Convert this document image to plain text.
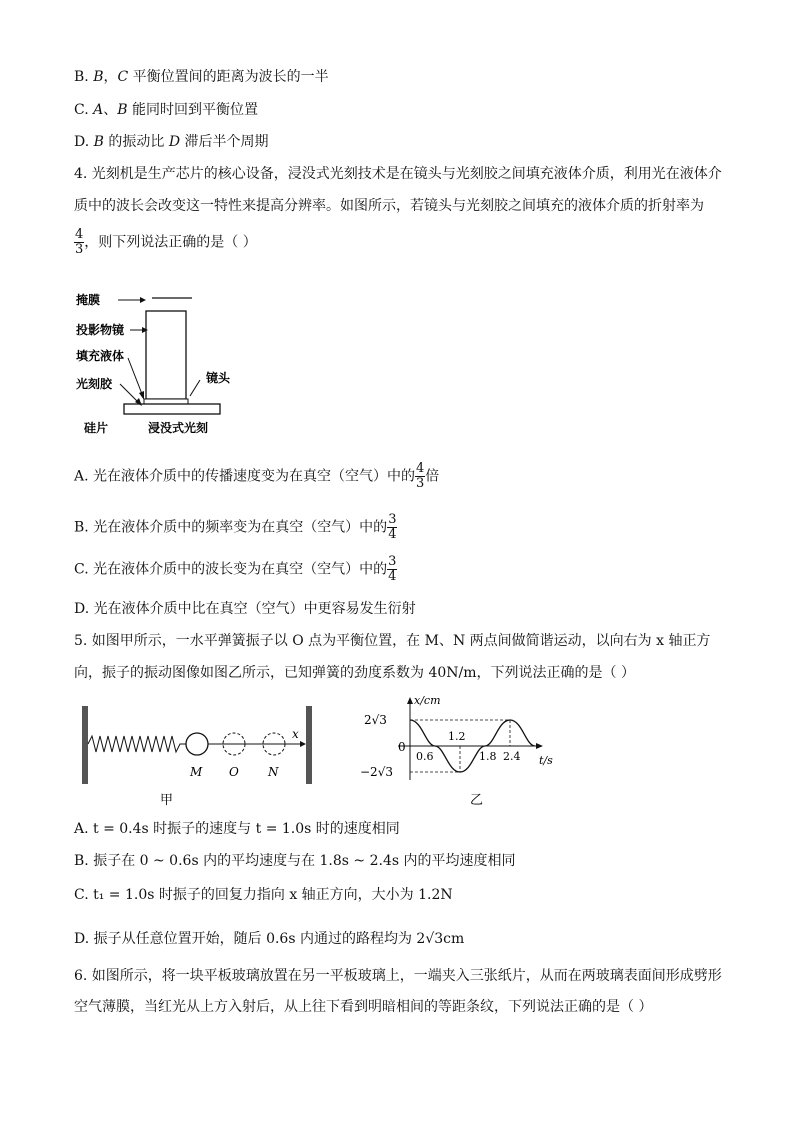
B. B，C 平衡位置间的距离为波长的一半
C. A、B 能同时回到平衡位置
D. B 的振动比 D 滞后半个周期
4. 光刻机是生产芯片的核心设备，浸没式光刻技术是在镜头与光刻胶之间填充液体介质，利用光在液体介
质中的波长会改变这一特性来提高分辨率。如图所示，若镜头与光刻胶之间填充的液体介质的折射率为
$\frac{4}{3}$ ，则下列说法正确的是（ ）
掩膜
投影物镜
填充液体
光刻胶
硅片
镜头
浸没式光刻
A. 光在液体介质中的传播速度变为在真空（空气）中的 $\frac{4}{3}$ 倍
B. 光在液体介质中的频率变为在真空（空气）中的 $\frac{3}{4}$
C. 光在液体介质中的波长变为在真空（空气）中的 $\frac{3}{4}$
D. 光在液体介质中比在真空（空气）中更容易发生衍射
5. 如图甲所示，一水平弹簧振子以 O 点为平衡位置，在 M、N 两点间做简谐运动，以向右为 x 轴正方
向，振子的振动图像如图乙所示，已知弹簧的劲度系数为 40N/m，下列说法正确的是（ ）
M O N
x
甲
x/cm
t/s
2√3
−2√3
0
0.6
1.2
1.8 2.4
乙
A. t = 0.4s 时振子的速度与 t = 1.0s 时的速度相同
B. 振子在 0 ~ 0.6s 内的平均速度与在 1.8s ~ 2.4s 内的平均速度相同
C. t₁ = 1.0s 时振子的回复力指向 x 轴正方向，大小为 1.2N
D. 振子从任意位置开始，随后 0.6s 内通过的路程均为 2√3cm
6. 如图所示，将一块平板玻璃放置在另一平板玻璃上，一端夹入三张纸片，从而在两玻璃表面间形成劈形
空气薄膜，当红光从上方入射后，从上往下看到明暗相间的等距条纹，下列说法正确的是（ ）
